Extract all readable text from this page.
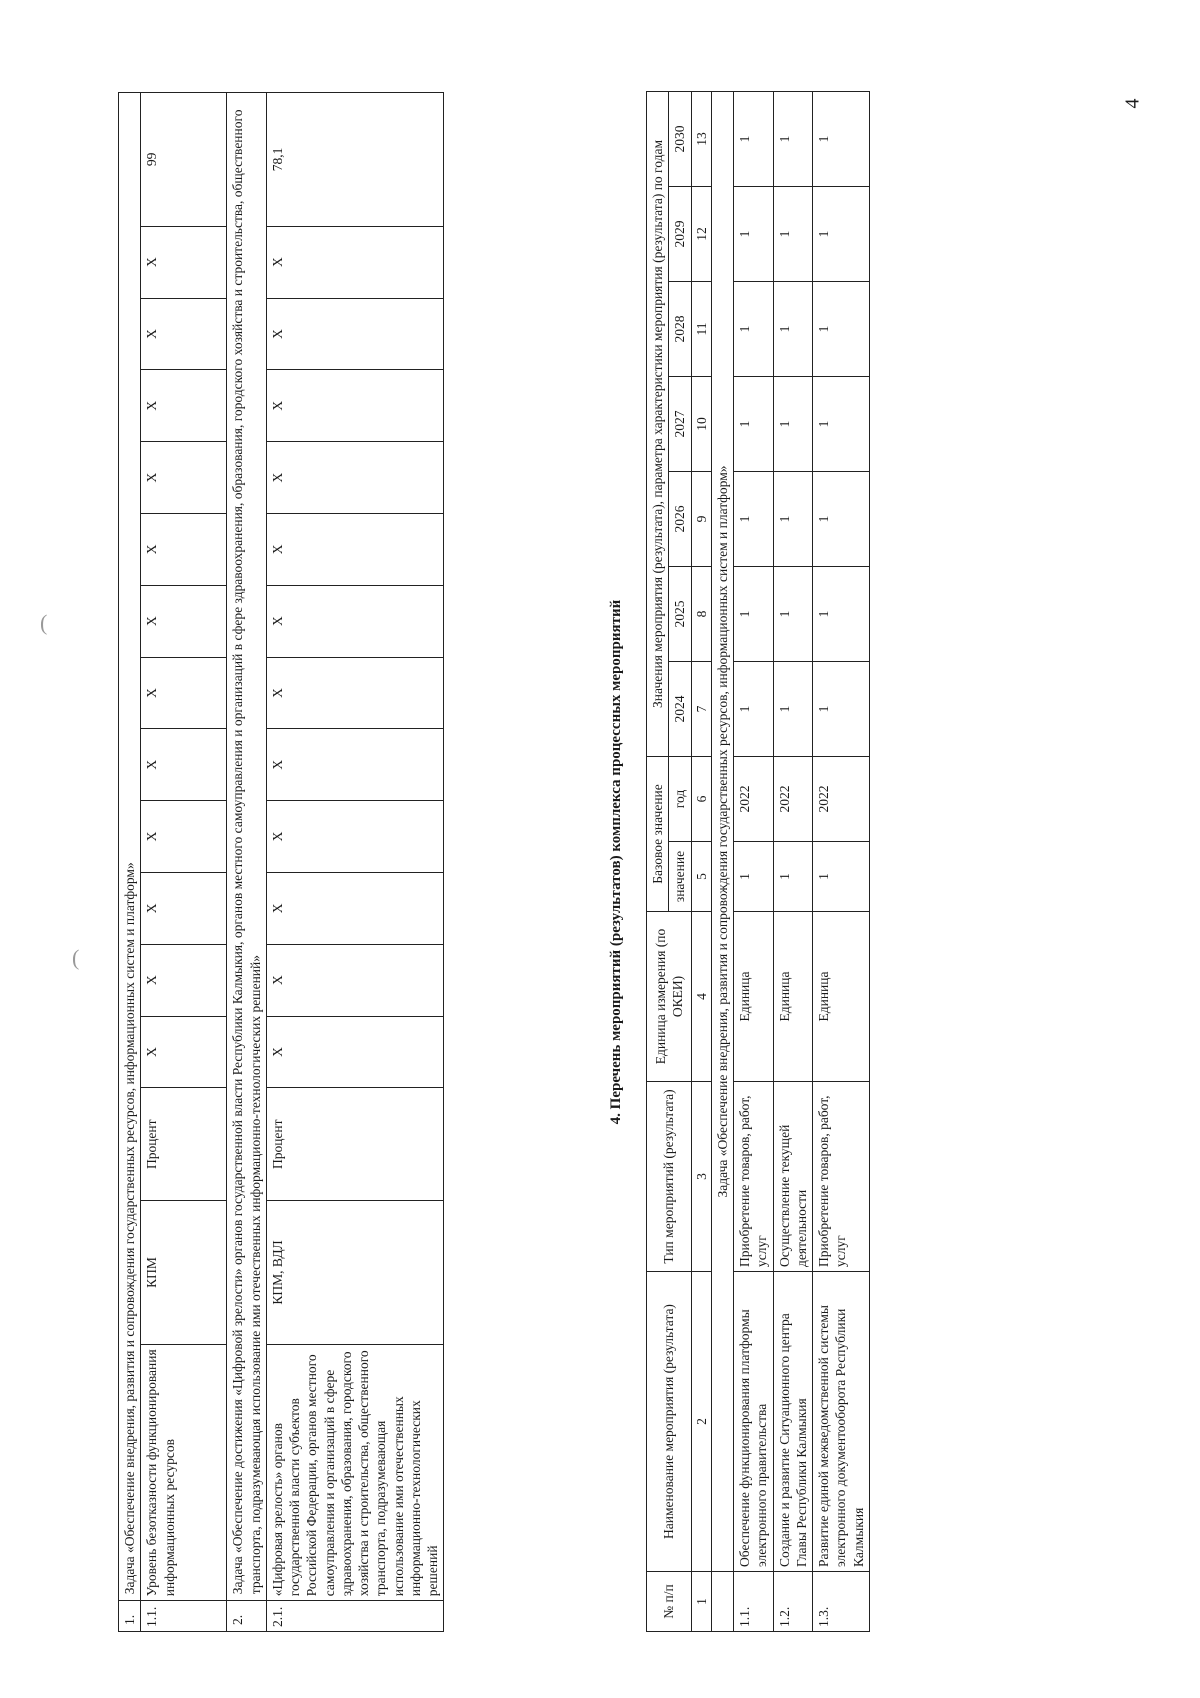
4
(
(
1.	Задача «Обеспечение внедрения, развития и сопровождения государственных ресурсов, информационных систем и платформ»															
1.1.	Уровень безотказности функционирования информационных ресурсов	КПМ	Процент	X	X	X	X	X	X	X	X	X	X	X	X	99
2.	Задача «Обеспечение достижения «Цифровой зрелости» органов государственной власти Республики Калмыкия, органов местного самоуправления и организаций в сфере здравоохранения, образования, городского хозяйства и строительства, общественного транспорта, подразумевающая использование ими отечественных информационно-технологических решений»															
2.1.	«Цифровая зрелость» органов государственной власти субъектов Российской Федерации, органов местного самоуправления и организаций в сфере здравоохранения, образования, городского хозяйства и строительства, общественного транспорта, подразумевающая использование ими отечественных информационно-технологических решений	КПМ, ВДЛ	Процент	X	X	X	X	X	X	X	X	X	X	X	X	78,1
4. Перечень мероприятий (результатов) комплекса процессных мероприятий
№ п/п	Наименование мероприятия (результата)	Тип мероприятий (результата)	Единица измерения (по ОКЕИ)	Базовое значение		Значения мероприятия (результата), параметра характеристики мероприятия (результата) по годам						
				значение	год	2024	2025	2026	2027	2028	2029	2030
1	2	3	4	5	6	7	8	9	10	11	12	13
	Задача «Обеспечение внедрения, развития и сопровождения государственных ресурсов, информационных систем и платформ»											
1.1.	Обеспечение функционирования платформы электронного правительства	Приобретение товаров, работ, услуг	Единица	1	2022	1	1	1	1	1	1	1
1.2.	Создание и развитие Ситуационного центра Главы Республики Калмыкия	Осуществление текущей деятельности	Единица	1	2022	1	1	1	1	1	1	1
1.3.	Развитие единой межведомственной системы электронного документооборота Республики Калмыкия	Приобретение товаров, работ, услуг	Единица	1	2022	1	1	1	1	1	1	1
